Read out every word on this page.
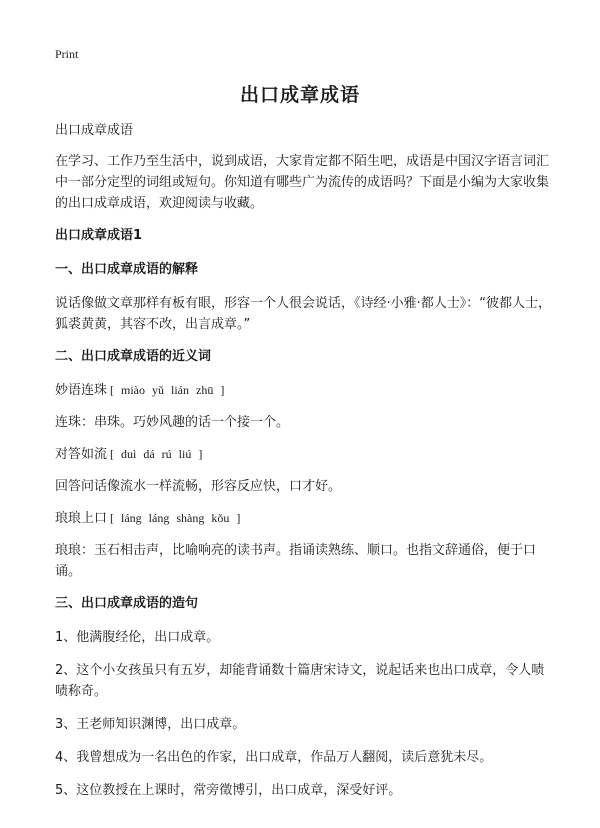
Print
出口成章成语

出口成章成语

在学习、工作乃至生活中，说到成语，大家肯定都不陌生吧，成语是中国汉字语言词汇中一部分定型的词组或短句。你知道有哪些广为流传的成语吗？下面是小编为大家收集的出口成章成语，欢迎阅读与收藏。

出口成章成语1

一、出口成章成语的解释

说话像做文章那样有板有眼，形容一个人很会说话，《诗经·小雅·都人士》：“彼都人士，狐裘黄黄，其容不改，出言成章。”

二、出口成章成语的近义词

妙语连珠 [ miào yǔ lián zhū ]

连珠：串珠。巧妙风趣的话一个接一个。

对答如流 [ duì dá rú liú ]

回答问话像流水一样流畅，形容反应快，口才好。

琅琅上口 [ láng láng shàng kǒu ]

琅琅：玉石相击声，比喻响亮的读书声。指诵读熟练、顺口。也指文辞通俗，便于口诵。

三、出口成章成语的造句

1、他满腹经伦，出口成章。

2、这个小女孩虽只有五岁，却能背诵数十篇唐宋诗文，说起话来也出口成章，令人啧啧称奇。

3、王老师知识渊博，出口成章。

4、我曾想成为一名出色的作家，出口成章，作品万人翻阅，读后意犹未尽。

5、这位教授在上课时，常旁徵博引，出口成章，深受好评。
